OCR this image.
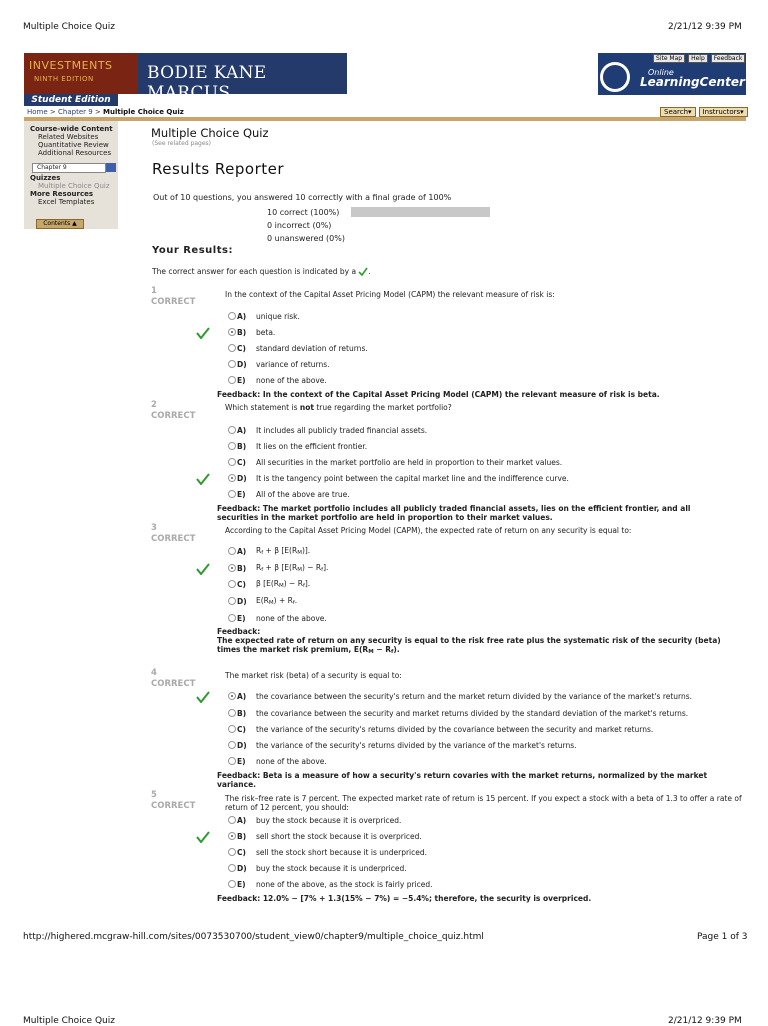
Multiple Choice Quiz	2/21/12 9:39 PM
INVESTMENTS
NINTH EDITION	BODIE KANE MARCUS
Student Edition
Home > Chapter 9 > Multiple Choice Quiz
Site Map	Help	Feedback
Online
LearningCenter
Search▾	Instructors▾
Course-wide Content
Related Websites
Quantitative Review
Additional Resources
Chapter 9
Quizzes
Multiple Choice Quiz
More Resources
Excel Templates
Contents ▲
Multiple Choice Quiz
(See related pages)
Results Reporter
Out of 10 questions, you answered 10 correctly with a final grade of 100%
10 correct (100%)
0 incorrect (0%)
0 unanswered (0%)
Your Results:
The correct answer for each question is indicated by a .
1
CORRECT
In the context of the Capital Asset Pricing Model (CAPM) the relevant measure of risk is:
A)	unique risk.
B)	beta.
C)	standard deviation of returns.
D)	variance of returns.
E)	none of the above.
Feedback: In the context of the Capital Asset Pricing Model (CAPM) the relevant measure of risk is beta.
2
CORRECT
Which statement is not true regarding the market portfolio?
A)	It includes all publicly traded financial assets.
B)	It lies on the efficient frontier.
C)	All securities in the market portfolio are held in proportion to their market values.
D)	It is the tangency point between the capital market line and the indifference curve.
E)	All of the above are true.
Feedback: The market portfolio includes all publicly traded financial assets, lies on the efficient frontier, and all securities in the market portfolio are held in proportion to their market values.
3
CORRECT
According to the Capital Asset Pricing Model (CAPM), the expected rate of return on any security is equal to:
A)	$R_f + \beta$ $[E(R_M)]$.
B)	$R_f + \beta$ $[E(R_M) - R_f]$.
C)	β $[E(R_M) - R_f]$.
D)	$E(R_M) + R_f$.
E)	none of the above.
Feedback:
The expected rate of return on any security is equal to the risk free rate plus the systematic risk of the security (beta) times the market risk premium, $E(R_M - R_f)$.
4
CORRECT
The market risk (beta) of a security is equal to:
A)	the covariance between the security's return and the market return divided by the variance of the market's returns.
B)	the covariance between the security and market returns divided by the standard deviation of the market's returns.
C)	the variance of the security's returns divided by the covariance between the security and market returns.
D)	the variance of the security's returns divided by the variance of the market's returns.
E)	none of the above.
Feedback: Beta is a measure of how a security's return covaries with the market returns, normalized by the market variance.
5
CORRECT
The risk–free rate is 7 percent. The expected market rate of return is 15 percent. If you expect a stock with a beta of 1.3 to offer a rate of return of 12 percent, you should:
A)	buy the stock because it is overpriced.
B)	sell short the stock because it is overpriced.
C)	sell the stock short because it is underpriced.
D)	buy the stock because it is underpriced.
E)	none of the above, as the stock is fairly priced.
Feedback: 12.0% − [7% + 1.3(15% − 7%) = −5.4%; therefore, the security is overpriced.
http://highered.mcgraw-hill.com/sites/0073530700/student_view0/chapter9/multiple_choice_quiz.html	Page 1 of 3
Multiple Choice Quiz	2/21/12 9:39 PM
